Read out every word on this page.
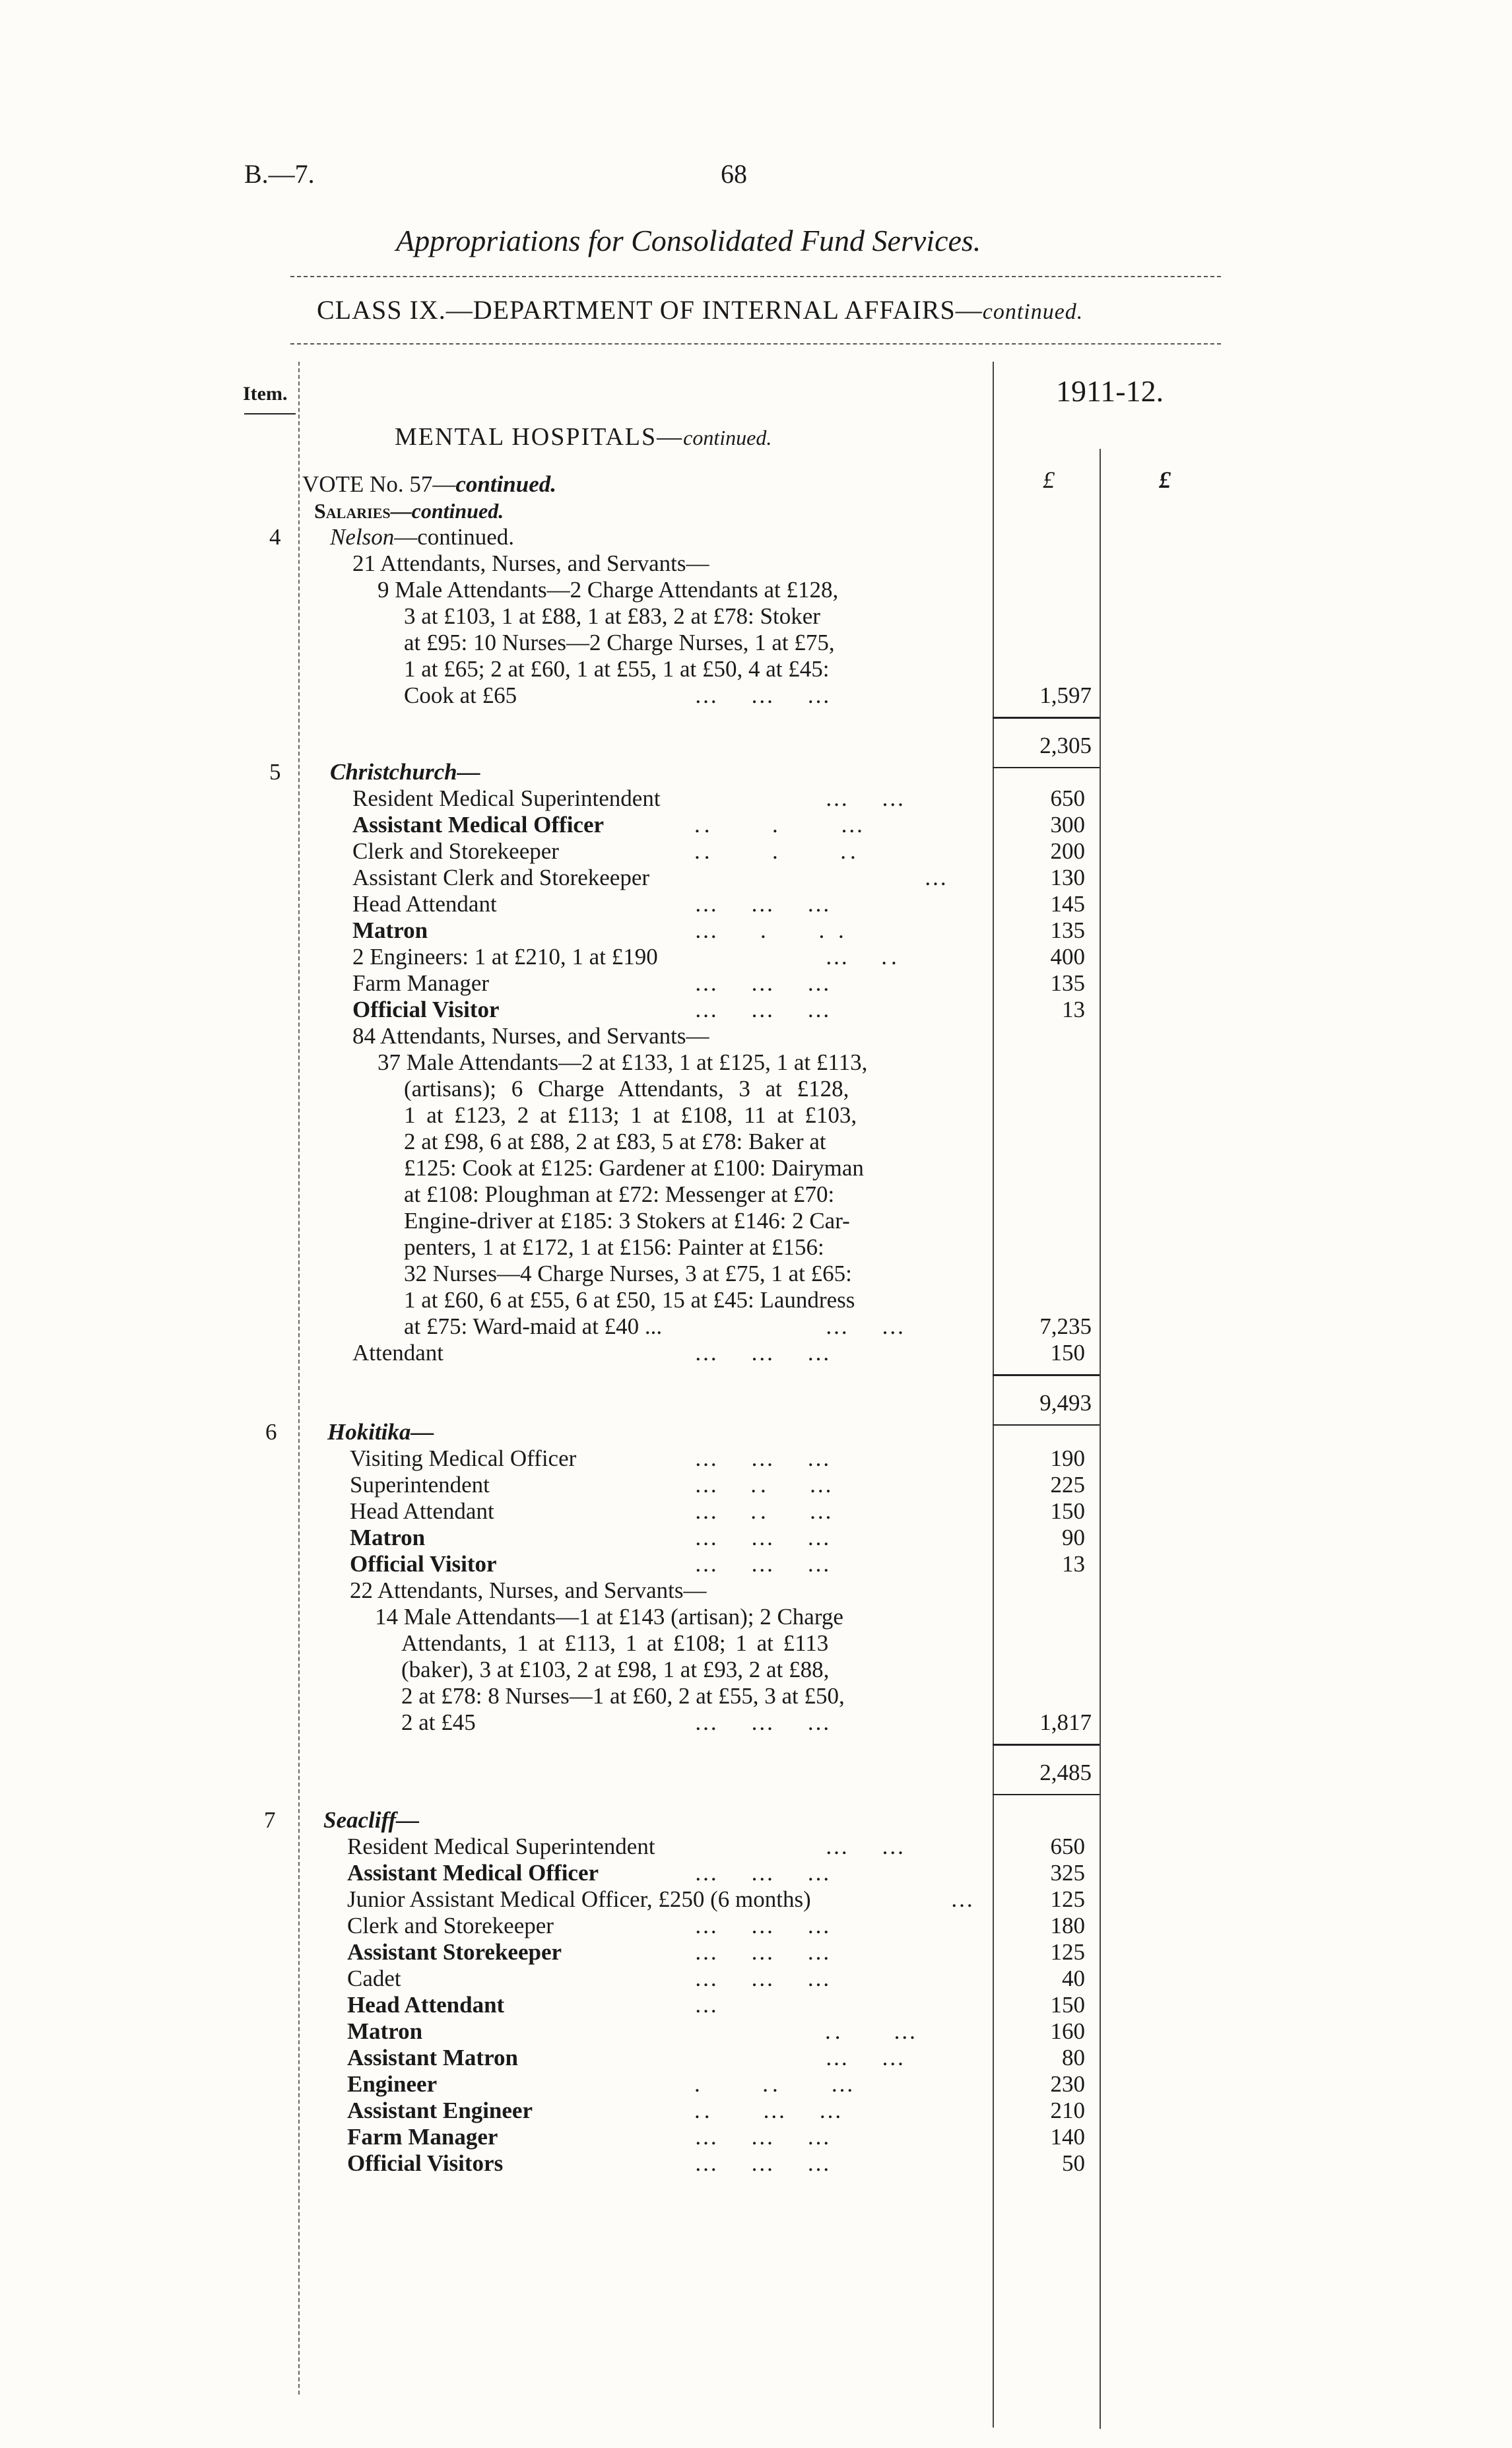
B.—7.	68
Appropriations for Consolidated Fund Services.
CLASS IX.—DEPARTMENT OF INTERNAL AFFAIRS—continued.
Item.	1911-12.
MENTAL HOSPITALS—continued.
£	£
VOTE No. 57—continued.
Salaries—continued.
4 Nelson—continued.
21 Attendants, Nurses, and Servants—
9 Male Attendants—2 Charge Attendants at £128,
3 at £103, 1 at £88, 1 at £83, 2 at £78: Stoker
at £95: 10 Nurses—2 Charge Nurses, 1 at £75,
1 at £65; 2 at £60, 1 at £55, 1 at £50, 4 at £45:
Cook at £65	…   …   …	1,597
2,305
5 Christchurch—
Resident Medical Superintendent	…   …	650
Assistant Medical Officer	..      .      …	300
Clerk and Storekeeper	..      .      ..	200
Assistant Clerk and Storekeeper	…	130
Head Attendant	…   …   …	145
Matron	…    .     . .	135
2 Engineers: 1 at £210, 1 at £190	…   ..	400
Farm Manager	…   …   …	135
Official Visitor	…   …   …	13
84 Attendants, Nurses, and Servants—
37 Male Attendants—2 at £133, 1 at £125, 1 at £113,
(artisans); 6 Charge Attendants, 3 at £128,
1 at £123, 2 at £113; 1 at £108, 11 at £103,
2 at £98, 6 at £88, 2 at £83, 5 at £78: Baker at
£125: Cook at £125: Gardener at £100: Dairyman
at £108: Ploughman at £72: Messenger at £70:
Engine-driver at £185: 3 Stokers at £146: 2 Car-
penters, 1 at £172, 1 at £156: Painter at £156:
32 Nurses—4 Charge Nurses, 3 at £75, 1 at £65:
1 at £60, 6 at £55, 6 at £50, 15 at £45: Laundress
at £75: Ward-maid at £40 ...	…   …	7,235
Attendant	…   …   …	150
9,493
6 Hokitika—
Visiting Medical Officer	…   …   …	190
Superintendent	…   ..    …	225
Head Attendant	…   ..    …	150
Matron	…   …   …	90
Official Visitor	…   …   …	13
22 Attendants, Nurses, and Servants—
14 Male Attendants—1 at £143 (artisan); 2 Charge
Attendants, 1 at £113, 1 at £108; 1 at £113
(baker), 3 at £103, 2 at £98, 1 at £93, 2 at £88,
2 at £78: 8 Nurses—1 at £60, 2 at £55, 3 at £50,
2 at £45	…   …   …	1,817
2,485
7 Seacliff—
Resident Medical Superintendent	…   …	650
Assistant Medical Officer	…   …   …	325
Junior Assistant Medical Officer, £250 (6 months)	…	125
Clerk and Storekeeper	…   …   …	180
Assistant Storekeeper	…   …   …	125
Cadet	…   …   …	40
Head Attendant	…	150
Matron	..     …	160
Assistant Matron	…   …	80
Engineer	.      ..     …	230
Assistant Engineer	..     …   …	210
Farm Manager	…   …   …	140
Official Visitors	…   …   …	50
